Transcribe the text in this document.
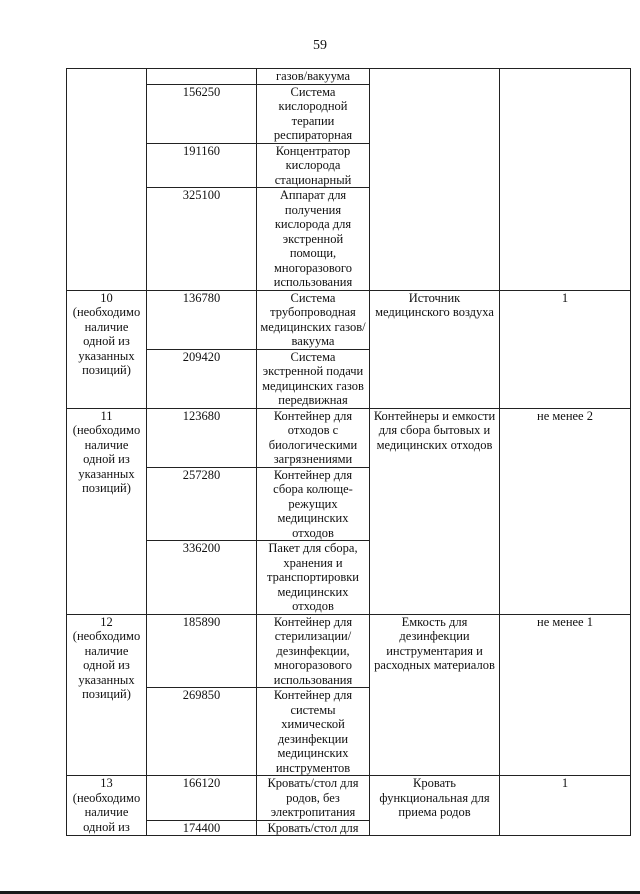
59
		газов/вакуума		
	156250	Система кислородной терапии респираторная		
	191160	Концентратор кислорода стационарный		
	325100	Аппарат для получения кислорода для экстренной помощи, многоразового использования		
10 (необходимо наличие одной из указанных позиций)	136780	Система трубопроводная медицинских газов/вакуума	Источник медицинского воздуха	1
	209420	Система экстренной подачи медицинских газов передвижная		
11 (необходимо наличие одной из указанных позиций)	123680	Контейнер для отходов с биологическими загрязнениями	Контейнеры и емкости для сбора бытовых и медицинских отходов	не менее 2
	257280	Контейнер для сбора колюще-режущих медицинских отходов		
	336200	Пакет для сбора, хранения и транспортировки медицинских отходов		
12 (необходимо наличие одной из указанных позиций)	185890	Контейнер для стерилизации/ дезинфекции, многоразового использования	Емкость для дезинфекции инструментария и расходных материалов	не менее 1
	269850	Контейнер для системы химической дезинфекции медицинских инструментов		
13 (необходимо наличие одной из	166120	Кровать/стол для родов, без электропитания	Кровать функциональная для приема родов	1
	174400	Кровать/стол для		
